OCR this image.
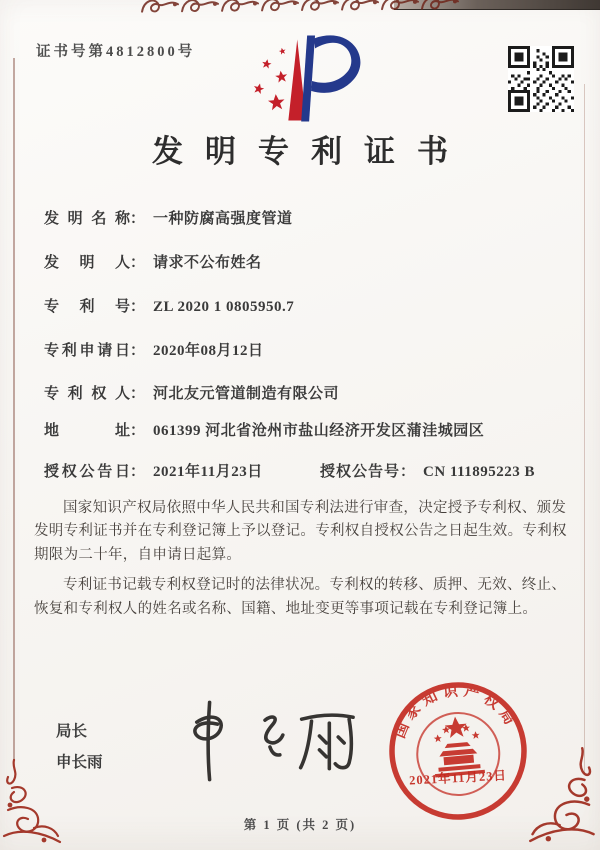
证书号第4812800号
发明专利证书
发明名称： 一种防腐高强度管道
发明人： 请求不公布姓名
专利号： ZL 2020 1 0805950.7
专利申请日： 2020年08月12日
专利权人： 河北友元管道制造有限公司
地址： 061399 河北省沧州市盐山经济开发区蒲洼城园区
授权公告日： 2021年11月23日	授权公告号： CN 111895223 B

国家知识产权局依照中华人民共和国专利法进行审查，决定授予专利权、颁发发明专利证书并在专利登记簿上予以登记。专利权自授权公告之日起生效。专利权期限为二十年，自申请日起算。

专利证书记载专利权登记时的法律状况。专利权的转移、质押、无效、终止、恢复和专利权人的姓名或名称、国籍、地址变更等事项记载在专利登记簿上。

局长
申长雨
国家知识产权局
2021年11月23日
第 1 页 (共 2 页)
